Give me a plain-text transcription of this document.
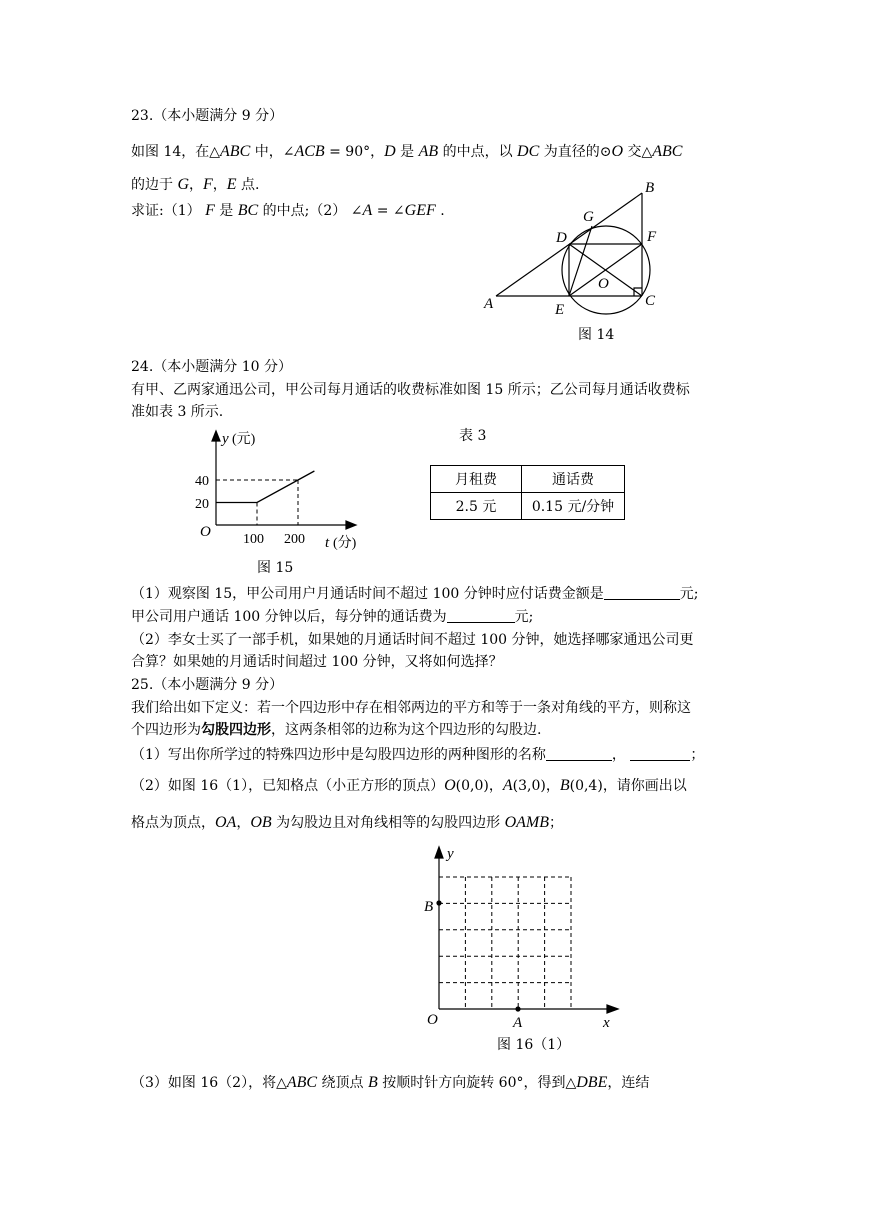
23.（本小题满分 9 分）
如图 14，在△ABC 中，∠ACB = 90°，D 是 AB 的中点，以 DC 为直径的⊙O 交△ABC
的边于 G，F，E 点.
求证:（1） F 是 BC 的中点;（2） ∠A = ∠GEF .
A
B
C
D
E
F
G
O
图 14
24.（本小题满分 10 分）
有甲、乙两家通迅公司，甲公司每月通话的收费标准如图 15 所示；乙公司每月通话收费标
准如表 3 所示.
y (元)
t (分)
O
40
20
100 200
图 15
表 3
月租费	通话费
2.5 元	0.15 元/分钟
（1）观察图 15，甲公司用户月通话时间不超过 100 分钟时应付话费金额是	元;
甲公司用户通话 100 分钟以后，每分钟的通话费为	元;
（2）李女士买了一部手机，如果她的月通话时间不超过 100 分钟，她选择哪家通迅公司更
合算？如果她的月通话时间超过 100 分钟，又将如何选择？
25.（本小题满分 9 分）
我们给出如下定义：若一个四边形中存在相邻两边的平方和等于一条对角线的平方，则称这
个四边形为勾股四边形，这两条相邻的边称为这个四边形的勾股边.
（1）写出你所学过的特殊四边形中是勾股四边形的两种图形的名称	，	；
（2）如图 16（1），已知格点（小正方形的顶点）O(0,0)，A(3,0)，B(0,4)，请你画出以
格点为顶点，OA，OB 为勾股边且对角线相等的勾股四边形 OAMB；
y
x
O	A
B
图 16（1）
（3）如图 16（2），将△ABC 绕顶点 B 按顺时针方向旋转 60°，得到△DBE，连结
